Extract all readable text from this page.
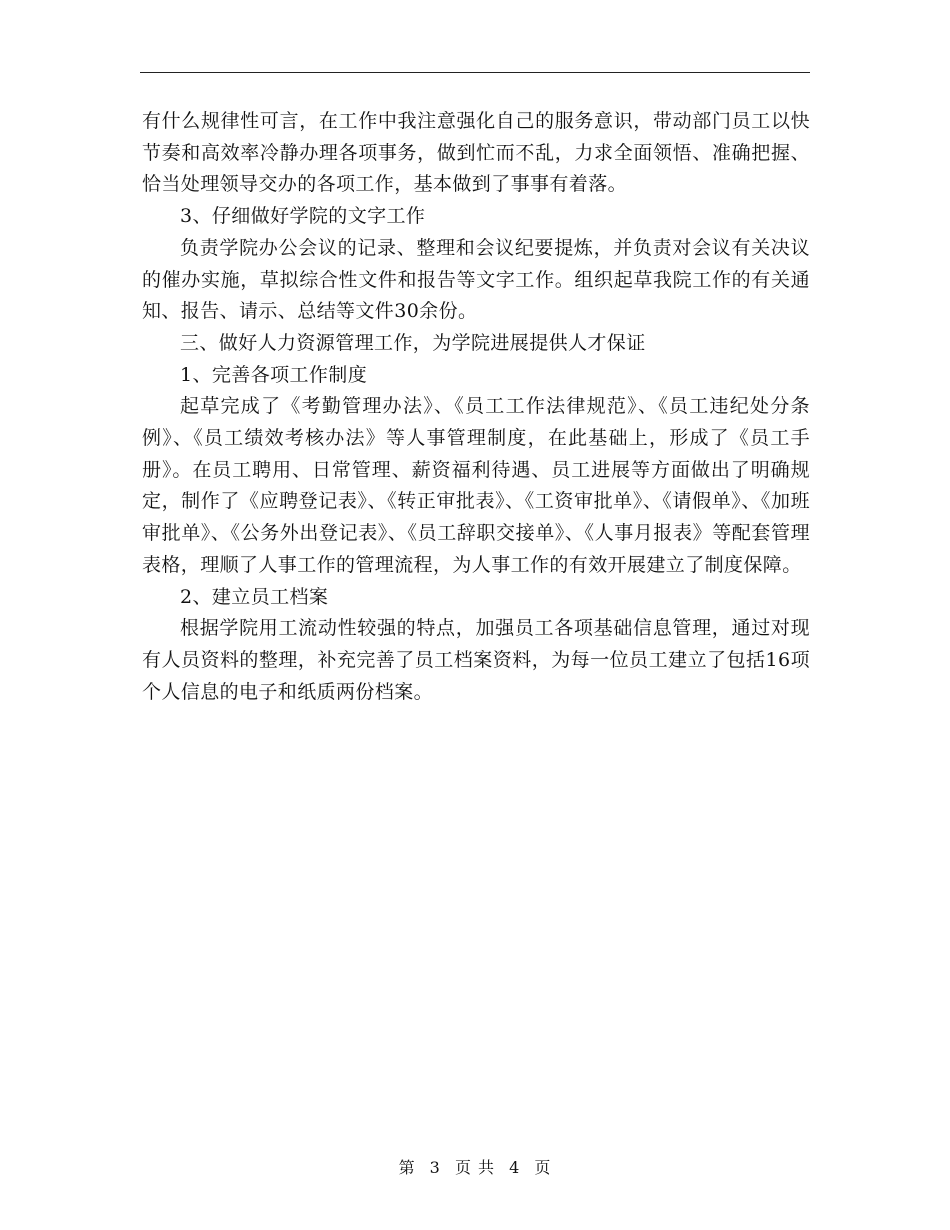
有什么规律性可言，在工作中我注意强化自己的服务意识，带动部门员工以快节奏和高效率冷静办理各项事务，做到忙而不乱，力求全面领悟、准确把握、恰当处理领导交办的各项工作，基本做到了事事有着落。

3、仔细做好学院的文字工作

负责学院办公会议的记录、整理和会议纪要提炼，并负责对会议有关决议的催办实施，草拟综合性文件和报告等文字工作。组织起草我院工作的有关通知、报告、请示、总结等文件30余份。

三、做好人力资源管理工作，为学院进展提供人才保证

1、完善各项工作制度

起草完成了《考勤管理办法》、《员工工作法律规范》、《员工违纪处分条例》、《员工绩效考核办法》等人事管理制度，在此基础上，形成了《员工手册》。在员工聘用、日常管理、薪资福利待遇、员工进展等方面做出了明确规定，制作了《应聘登记表》、《转正审批表》、《工资审批单》、《请假单》、《加班审批单》、《公务外出登记表》、《员工辞职交接单》、《人事月报表》等配套管理表格，理顺了人事工作的管理流程，为人事工作的有效开展建立了制度保障。

2、建立员工档案

根据学院用工流动性较强的特点，加强员工各项基础信息管理，通过对现有人员资料的整理，补充完善了员工档案资料，为每一位员工建立了包括16项个人信息的电子和纸质两份档案。

第 3 页 共 4 页
